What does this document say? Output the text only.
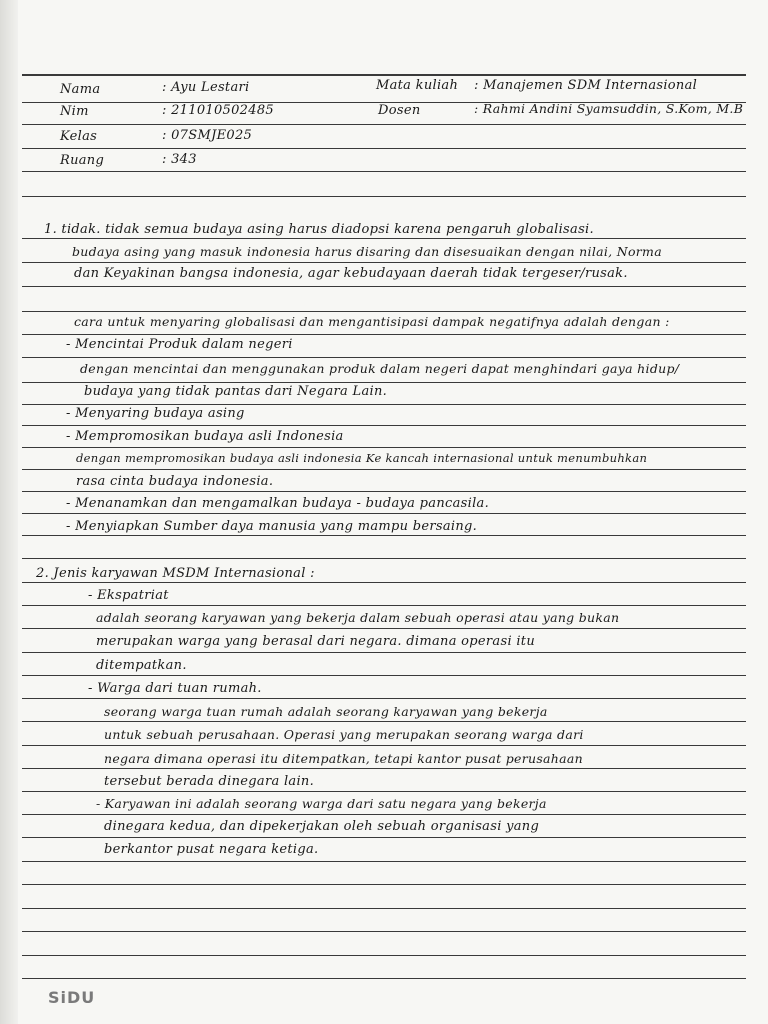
Nama	: Ayu Lestari
Nim	: 211010502485
Kelas	: 07SMJE025
Ruang	: 343
Mata kuliah : Manajemen SDM Internasional
Dosen	: Rahmi Andini Syamsuddin, S.Kom, M.B
1. tidak. tidak semua budaya asing harus diadopsi karena pengaruh globalisasi.
budaya asing yang masuk indonesia harus disaring dan disesuaikan dengan nilai, Norma
dan Keyakinan bangsa indonesia, agar kebudayaan daerah tidak tergeser/rusak.
cara untuk menyaring globalisasi dan mengantisipasi dampak negatifnya adalah dengan :
- Mencintai Produk dalam negeri
dengan mencintai dan menggunakan produk dalam negeri dapat menghindari gaya hidup/
budaya yang tidak pantas dari Negara Lain.
- Menyaring budaya asing
- Mempromosikan budaya asli Indonesia
dengan mempromosikan budaya asli indonesia Ke kancah internasional untuk menumbuhkan
rasa cinta budaya indonesia.
- Menanamkan dan mengamalkan budaya - budaya pancasila.
- Menyiapkan Sumber daya manusia yang mampu bersaing.
2. Jenis karyawan MSDM Internasional :
- Ekspatriat
adalah seorang karyawan yang bekerja dalam sebuah operasi atau yang bukan
merupakan warga yang berasal dari negara. dimana operasi itu
ditempatkan.
- Warga dari tuan rumah.
seorang warga tuan rumah adalah seorang karyawan yang bekerja
untuk sebuah perusahaan. Operasi yang merupakan seorang warga dari
negara dimana operasi itu ditempatkan, tetapi kantor pusat perusahaan
tersebut berada dinegara lain.
- Karyawan ini adalah seorang warga dari satu negara yang bekerja
dinegara kedua, dan dipekerjakan oleh sebuah organisasi yang
berkantor pusat negara ketiga.
SiDU
